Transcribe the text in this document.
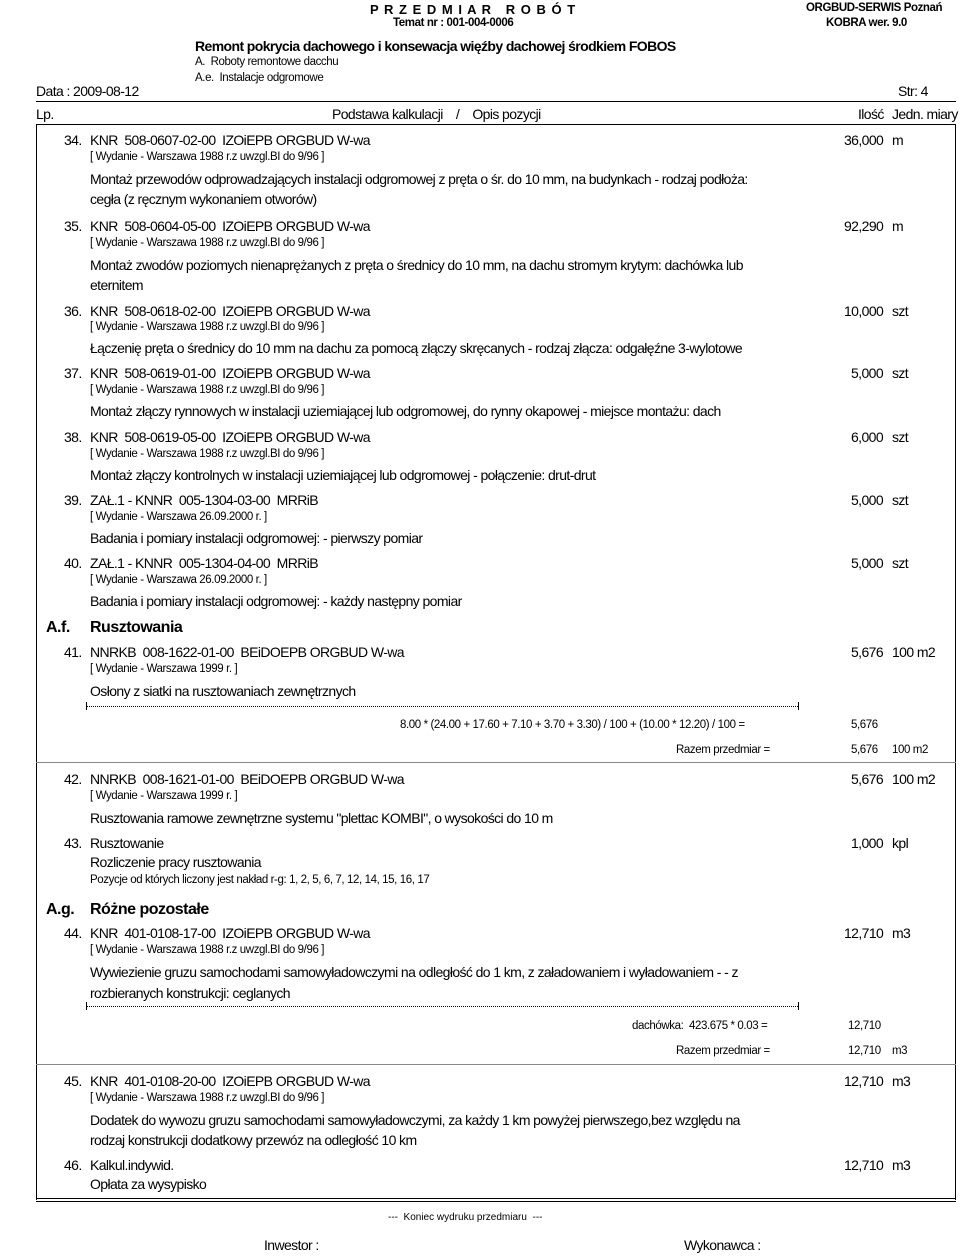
P R Z E D M I A R   R O B Ó T
Temat nr : 001-004-0006
ORGBUD-SERWIS Poznań
KOBRA wer. 9.0
Remont pokrycia dachowego i konsewacja więźby dachowej środkiem FOBOS
A.  Roboty remontowe dacchu
A.e.  Instalacje odgromowe
Data : 2009-08-12	Str: 4
Lp.	Podstawa kalkulacji    /    Opis pozycji	Ilość Jedn. miary
34. KNR  508-0607-02-00  IZOiEPB ORGBUD W-wa	36,000 m
[ Wydanie - Warszawa 1988 r.z uwzgl.BI do 9/96 ]
Montaż przewodów odprowadzających instalacji odgromowej z pręta o śr. do 10 mm, na budynkach - rodzaj podłoża:
cegła (z ręcznym wykonaniem otworów)
35. KNR  508-0604-05-00  IZOiEPB ORGBUD W-wa	92,290 m
[ Wydanie - Warszawa 1988 r.z uwzgl.BI do 9/96 ]
Montaż zwodów poziomych nienaprężanych z pręta o średnicy do 10 mm, na dachu stromym krytym: dachówka lub
eternitem
36. KNR  508-0618-02-00  IZOiEPB ORGBUD W-wa	10,000 szt
[ Wydanie - Warszawa 1988 r.z uwzgl.BI do 9/96 ]
Łączenię pręta o średnicy do 10 mm na dachu za pomocą złączy skręcanych - rodzaj złącza: odgałęźne 3-wylotowe
37. KNR  508-0619-01-00  IZOiEPB ORGBUD W-wa	5,000 szt
[ Wydanie - Warszawa 1988 r.z uwzgl.BI do 9/96 ]
Montaż złączy rynnowych w instalacji uziemiającej lub odgromowej, do rynny okapowej - miejsce montażu: dach
38. KNR  508-0619-05-00  IZOiEPB ORGBUD W-wa	6,000 szt
[ Wydanie - Warszawa 1988 r.z uwzgl.BI do 9/96 ]
Montaż złączy kontrolnych w instalacji uziemiającej lub odgromowej - połączenie: drut-drut
39. ZAŁ.1 - KNNR  005-1304-03-00  MRRiB	5,000 szt
[ Wydanie - Warszawa 26.09.2000 r. ]
Badania i pomiary instalacji odgromowej: - pierwszy pomiar
40. ZAŁ.1 - KNNR  005-1304-04-00  MRRiB	5,000 szt
[ Wydanie - Warszawa 26.09.2000 r. ]
Badania i pomiary instalacji odgromowej: - każdy następny pomiar
A.f. Rusztowania
41. NNRKB  008-1622-01-00  BEiDOEPB ORGBUD W-wa	5,676 100 m2
[ Wydanie - Warszawa 1999 r. ]
Osłony z siatki na rusztowaniach zewnętrznych
8.00 * (24.00 + 17.60 + 7.10 + 3.70 + 3.30) / 100 + (10.00 * 12.20) / 100 =	5,676
Razem przedmiar =	5,676 100 m2
42. NNRKB  008-1621-01-00  BEiDOEPB ORGBUD W-wa	5,676 100 m2
[ Wydanie - Warszawa 1999 r. ]
Rusztowania ramowe zewnętrzne systemu "plettac KOMBI", o wysokości do 10 m
43. Rusztowanie	1,000 kpl
Rozliczenie pracy rusztowania
Pozycje od których liczony jest nakład r-g: 1, 2, 5, 6, 7, 12, 14, 15, 16, 17
A.g. Różne pozostałe
44. KNR  401-0108-17-00  IZOiEPB ORGBUD W-wa	12,710 m3
[ Wydanie - Warszawa 1988 r.z uwzgl.BI do 9/96 ]
Wywiezienie gruzu samochodami samowyładowczymi na odległość do 1 km, z załadowaniem i wyładowaniem - - z
rozbieranych konstrukcji: ceglanych
dachówka:  423.675 * 0.03 =	12,710
Razem przedmiar =	12,710 m3
45. KNR  401-0108-20-00  IZOiEPB ORGBUD W-wa	12,710 m3
[ Wydanie - Warszawa 1988 r.z uwzgl.BI do 9/96 ]
Dodatek do wywozu gruzu samochodami samowyładowczymi, za każdy 1 km powyżej pierwszego,bez względu na
rodzaj konstrukcji dodatkowy przewóz na odległość 10 km
46. Kalkul.indywid.	12,710 m3
Opłata za wysypisko
---  Koniec wydruku przedmiaru  ---
Inwestor :	Wykonawca :
